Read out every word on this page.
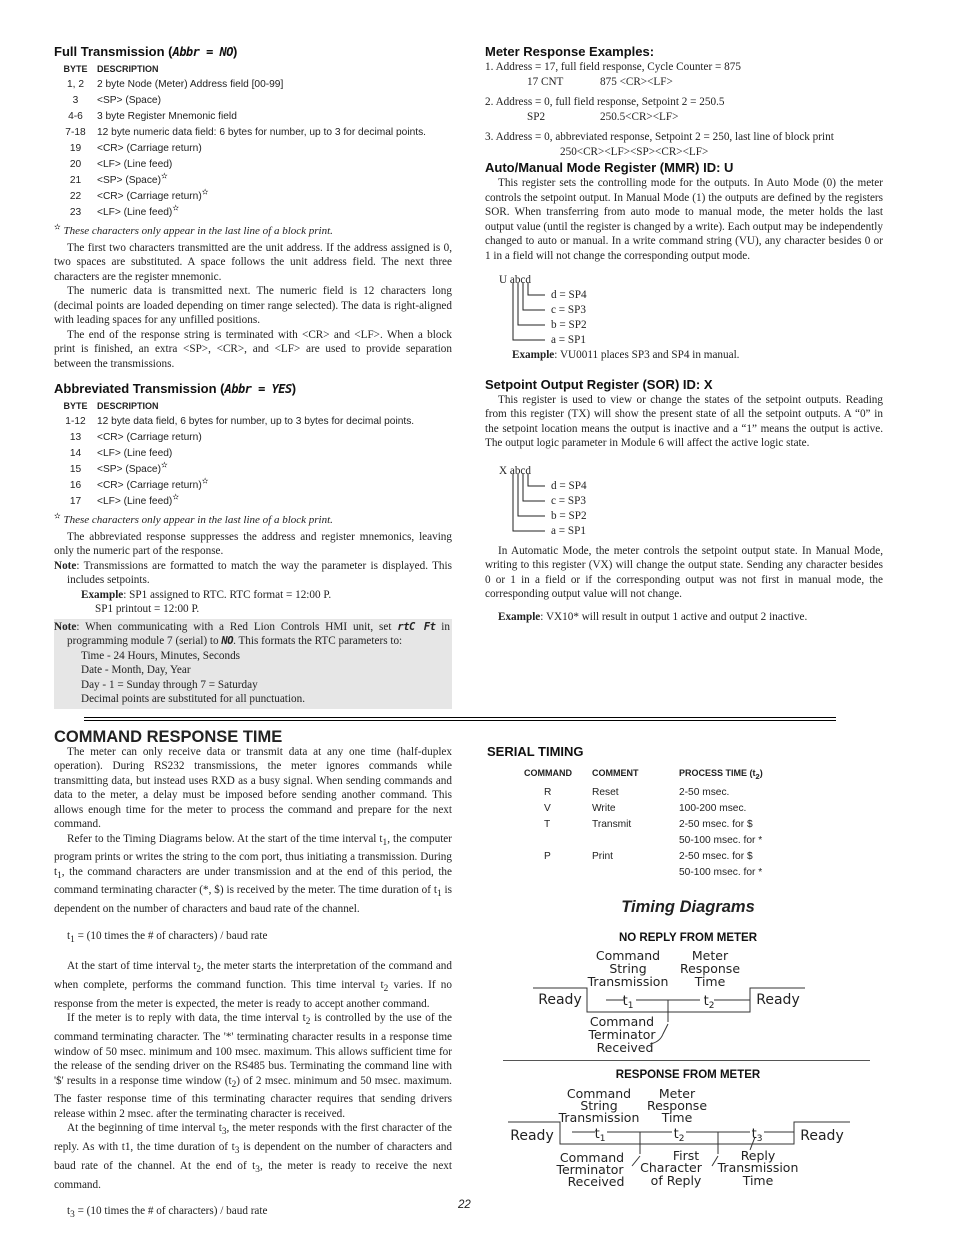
Full Transmission (Abbr = NO)
BYTE	DESCRIPTION
1, 2	2 byte Node (Meter) Address field [00-99]
3	<SP> (Space)
4-6	3 byte Register Mnemonic field
7-18	12 byte numeric data field: 6 bytes for number, up to 3 for decimal points.
19	<CR> (Carriage return)
20	<LF> (Line feed)
21	<SP> (Space)✫
22	<CR> (Carriage return)✫
23	<LF> (Line feed)✫
✫ These characters only appear in the last line of a block print.

The first two characters transmitted are the unit address. If the address assigned is 0, two spaces are substituted. A space follows the unit address field. The next three characters are the register mnemonic.

The numeric data is transmitted next. The numeric field is 12 characters long (decimal points are loaded depending on timer range selected). The data is right-aligned with leading spaces for any unfilled positions.

The end of the response string is terminated with <CR> and <LF>. When a block print is finished, an extra <SP>, <CR>, and <LF> are used to provide separation between the transmissions.

Abbreviated Transmission (Abbr = YES)
BYTE	DESCRIPTION
1-12	12 byte data field, 6 bytes for number, up to 3 bytes for decimal points.
13	<CR> (Carriage return)
14	<LF> (Line feed)
15	<SP> (Space)✫
16	<CR> (Carriage return)✫
17	<LF> (Line feed)✫
✫ These characters only appear in the last line of a block print.

The abbreviated response suppresses the address and register mnemonics, leaving only the numeric part of the response.

Note: Transmissions are formatted to match the way the parameter is displayed. This includes setpoints.

Example: SP1 assigned to RTC. RTC format = 12:00 P.

SP1 printout = 12:00 P.

Note: When communicating with a Red Lion Controls HMI unit, set rtC Ft in programming module 7 (serial) to NO. This formats the RTC parameters to:

Time - 24 Hours, Minutes, Seconds
Date - Month, Day, Year
Day - 1 = Sunday through 7 = Saturday
Decimal points are substituted for all punctuation.
Meter Response Examples:

1. Address = 17, full field response, Cycle Counter = 875

17 CNT	875 <CR><LF>

2. Address = 0, full field response, Setpoint 2 = 250.5

SP2	250.5<CR><LF>

3. Address = 0, abbreviated response, Setpoint 2 = 250, last line of block print

250<CR><LF><SP><CR><LF>

Auto/Manual Mode Register (MMR) ID: U

This register sets the controlling mode for the outputs. In Auto Mode (0) the meter controls the setpoint output. In Manual Mode (1) the outputs are defined by the registers SOR. When transferring from auto mode to manual mode, the meter holds the last output value (until the register is changed by a write). Each output may be independently changed to auto or manual. In a write command string (VU), any character besides 0 or 1 in a field will not change the corresponding output mode.

U abcd
d = SP4
c = SP3
b = SP2
a = SP1

Example: VU0011 places SP3 and SP4 in manual.

Setpoint Output Register (SOR) ID: X

This register is used to view or change the states of the setpoint outputs. Reading from this register (TX) will show the present state of all the setpoint outputs. A “0” in the setpoint location means the output is inactive and a “1” means the output is active. The output logic parameter in Module 6 will affect the active logic state.

X abcd
d = SP4
c = SP3
b = SP2
a = SP1

In Automatic Mode, the meter controls the setpoint output state. In Manual Mode, writing to this register (VX) will change the output state. Sending any character besides 0 or 1 in a field or if the corresponding output was not first in manual mode, the corresponding output value will not change.

Example: VX10* will result in output 1 active and output 2 inactive.

COMMAND RESPONSE TIME

The meter can only receive data or transmit data at any one time (half-duplex operation). During RS232 transmissions, the meter ignores commands while transmitting data, but instead uses RXD as a busy signal. When sending commands and data to the meter, a delay must be imposed before sending another command. This allows enough time for the meter to process the command and prepare for the next command.

Refer to the Timing Diagrams below. At the start of the time interval $t_1$, the computer program prints or writes the string to the com port, thus initiating a transmission. During $t_1$, the command characters are under transmission and at the end of this period, the command terminating character (*, $) is received by the meter. The time duration of $t_1$ is dependent on the number of characters and baud rate of the channel.

$t_1 = (10$ times the # of characters) / baud rate

At the start of time interval $t_2$, the meter starts the interpretation of the command and when complete, performs the command function. This time interval $t_2$ varies. If no response from the meter is expected, the meter is ready to accept another command.

If the meter is to reply with data, the time interval $t_2$ is controlled by the use of the command terminating character. The '*' terminating character results in a response time window of 50 msec. minimum and 100 msec. maximum. This allows sufficient time for the release of the sending driver on the RS485 bus. Terminating the command line with '$' results in a response time window $(t_2)$ of 2 msec. minimum and 50 msec. maximum. The faster response time of this terminating character requires that sending drivers release within 2 msec. after the terminating character is received.

At the beginning of time interval $t_3$, the meter responds with the first character of the reply. As with t1, the time duration of $t_3$ is dependent on the number of characters and baud rate of the channel. At the end of $t_3$, the meter is ready to receive the next command.

$t_3 = (10$ times the # of characters) / baud rate

SERIAL TIMING
COMMAND	COMMENT	PROCESS TIME $(t_2)$
R	Reset	2-50 msec.
V	Write	100-200 msec.
T	Transmit	2-50 msec. for $
50-100 msec. for *
P	Print	2-50 msec. for $
50-100 msec. for *
Timing Diagrams
NO REPLY FROM METER
Ready	Ready
$t_1$	$t_2$
Command
String
Transmission
Meter
Response
Time
Command
Terminator
Received
RESPONSE FROM METER
Ready	Ready
$t_1$	$t_2$	$t_3$
Command
String
Transmission
Meter
Response
Time
Command
Terminator
Received
First
Character
of Reply
Reply
Transmission
Time
22
